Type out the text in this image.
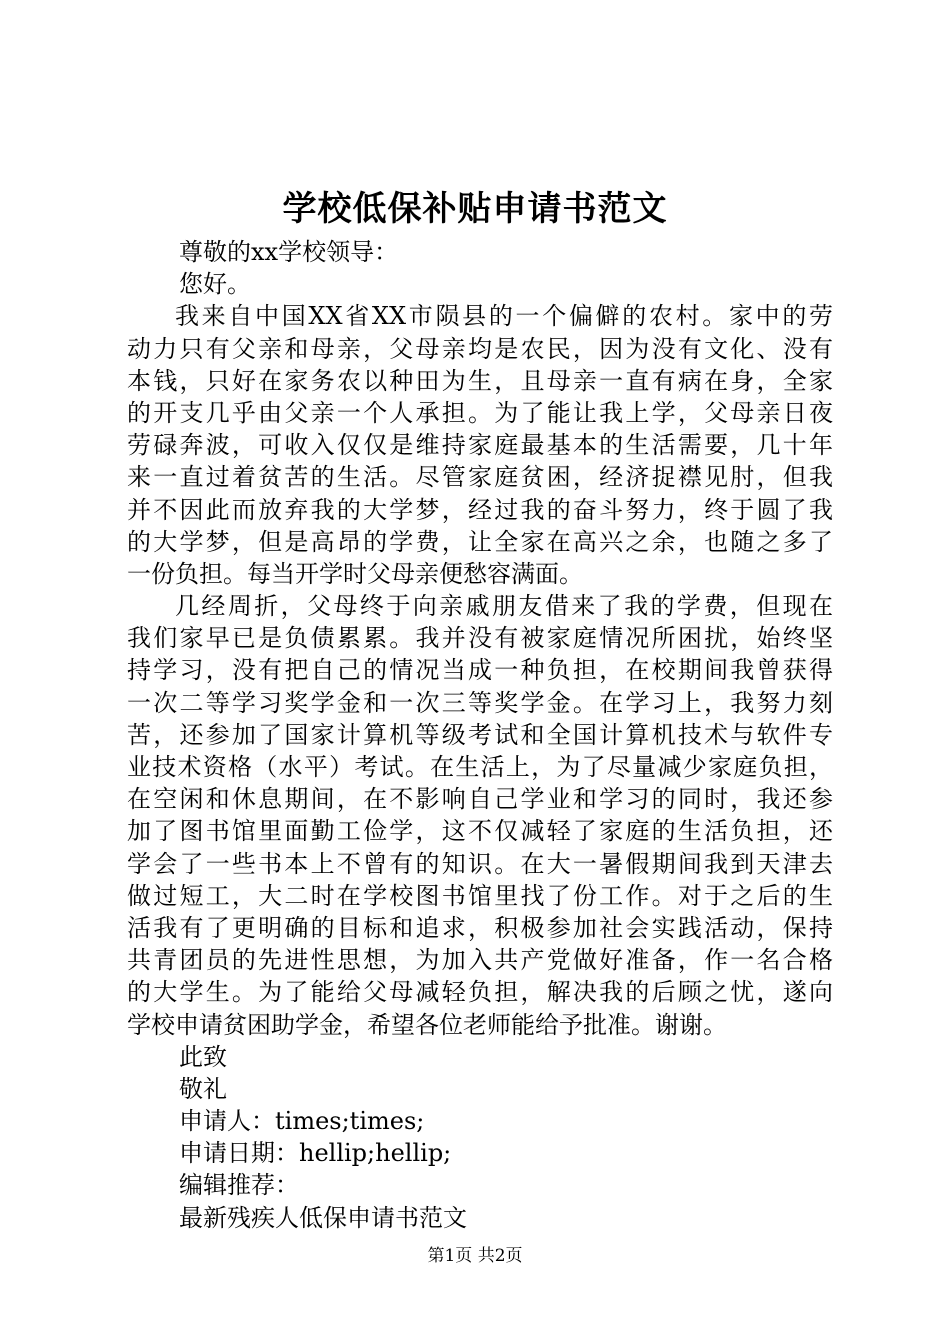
学校低保补贴申请书范文
尊敬的xx学校领导：
您好。
我来自中国XX省XX市陨县的一个偏僻的农村。家中的劳
动力只有父亲和母亲，父母亲均是农民，因为没有文化、没有
本钱，只好在家务农以种田为生，且母亲一直有病在身，全家
的开支几乎由父亲一个人承担。为了能让我上学，父母亲日夜
劳碌奔波，可收入仅仅是维持家庭最基本的生活需要，几十年
来一直过着贫苦的生活。尽管家庭贫困，经济捉襟见肘，但我
并不因此而放弃我的大学梦，经过我的奋斗努力，终于圆了我
的大学梦，但是高昂的学费，让全家在高兴之余，也随之多了
一份负担。每当开学时父母亲便愁容满面。
几经周折，父母终于向亲戚朋友借来了我的学费，但现在
我们家早已是负债累累。我并没有被家庭情况所困扰，始终坚
持学习，没有把自己的情况当成一种负担，在校期间我曾获得
一次二等学习奖学金和一次三等奖学金。在学习上，我努力刻
苦，还参加了国家计算机等级考试和全国计算机技术与软件专
业技术资格（水平）考试。在生活上，为了尽量减少家庭负担，
在空闲和休息期间，在不影响自己学业和学习的同时，我还参
加了图书馆里面勤工俭学，这不仅减轻了家庭的生活负担，还
学会了一些书本上不曾有的知识。在大一暑假期间我到天津去
做过短工，大二时在学校图书馆里找了份工作。对于之后的生
活我有了更明确的目标和追求，积极参加社会实践活动，保持
共青团员的先进性思想，为加入共产党做好准备，作一名合格
的大学生。为了能给父母减轻负担，解决我的后顾之忧，遂向
学校申请贫困助学金，希望各位老师能给予批准。谢谢。
此致
敬礼
申请人：times;times;
申请日期：hellip;hellip;
编辑推荐：
最新残疾人低保申请书范文
第1页 共2页
